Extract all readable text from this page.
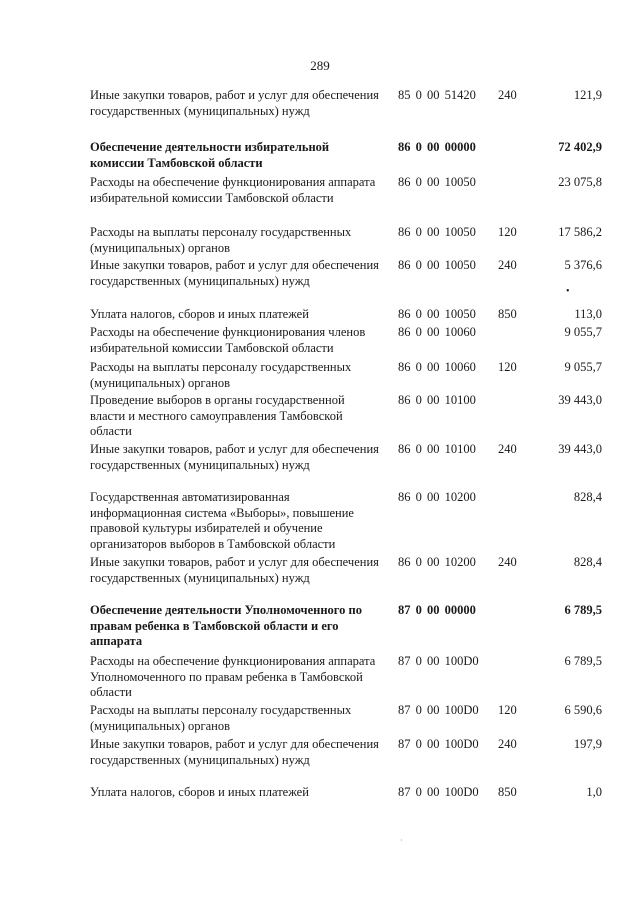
289
Иные закупки товаров, работ и услуг для обеспечения государственных (муниципальных) нужд
85 0 00 51420	240	121,9
Обеспечение деятельности избирательной комиссии Тамбовской области
86 0 00 00000	72 402,9
Расходы на обеспечение функционирования аппарата избирательной комиссии Тамбовской области
86 0 00 10050	23 075,8
Расходы на выплаты персоналу государственных (муниципальных) органов
86 0 00 10050	120	17 586,2
Иные закупки товаров, работ и услуг для обеспечения государственных (муниципальных) нужд
86 0 00 10050	240	5 376,6
Уплата налогов, сборов и иных платежей	86 0 00 10050	850	113,0
Расходы на обеспечение функционирования членов избирательной комиссии Тамбовской области
86 0 00 10060	9 055,7
Расходы на выплаты персоналу государственных (муниципальных) органов
86 0 00 10060	120	9 055,7
Проведение выборов в органы государственной власти и местного самоуправления Тамбовской области
86 0 00 10100	39 443,0
Иные закупки товаров, работ и услуг для обеспечения государственных (муниципальных) нужд
86 0 00 10100	240	39 443,0
Государственная автоматизированная информационная система «Выборы», повышение правовой культуры избирателей и обучение организаторов выборов в Тамбовской области
86 0 00 10200	828,4
Иные закупки товаров, работ и услуг для обеспечения государственных (муниципальных) нужд
86 0 00 10200	240	828,4
Обеспечение деятельности Уполномоченного по правам ребенка в Тамбовской области и его аппарата
87 0 00 00000	6 789,5
Расходы на обеспечение функционирования аппарата Уполномоченного по правам ребенка в Тамбовской области
87 0 00 100D0	6 789,5
Расходы на выплаты персоналу государственных (муниципальных) органов
87 0 00 100D0	120	6 590,6
Иные закупки товаров, работ и услуг для обеспечения государственных (муниципальных) нужд
87 0 00 100D0	240	197,9
Уплата налогов, сборов и иных платежей	87 0 00 100D0	850	1,0
•
·
